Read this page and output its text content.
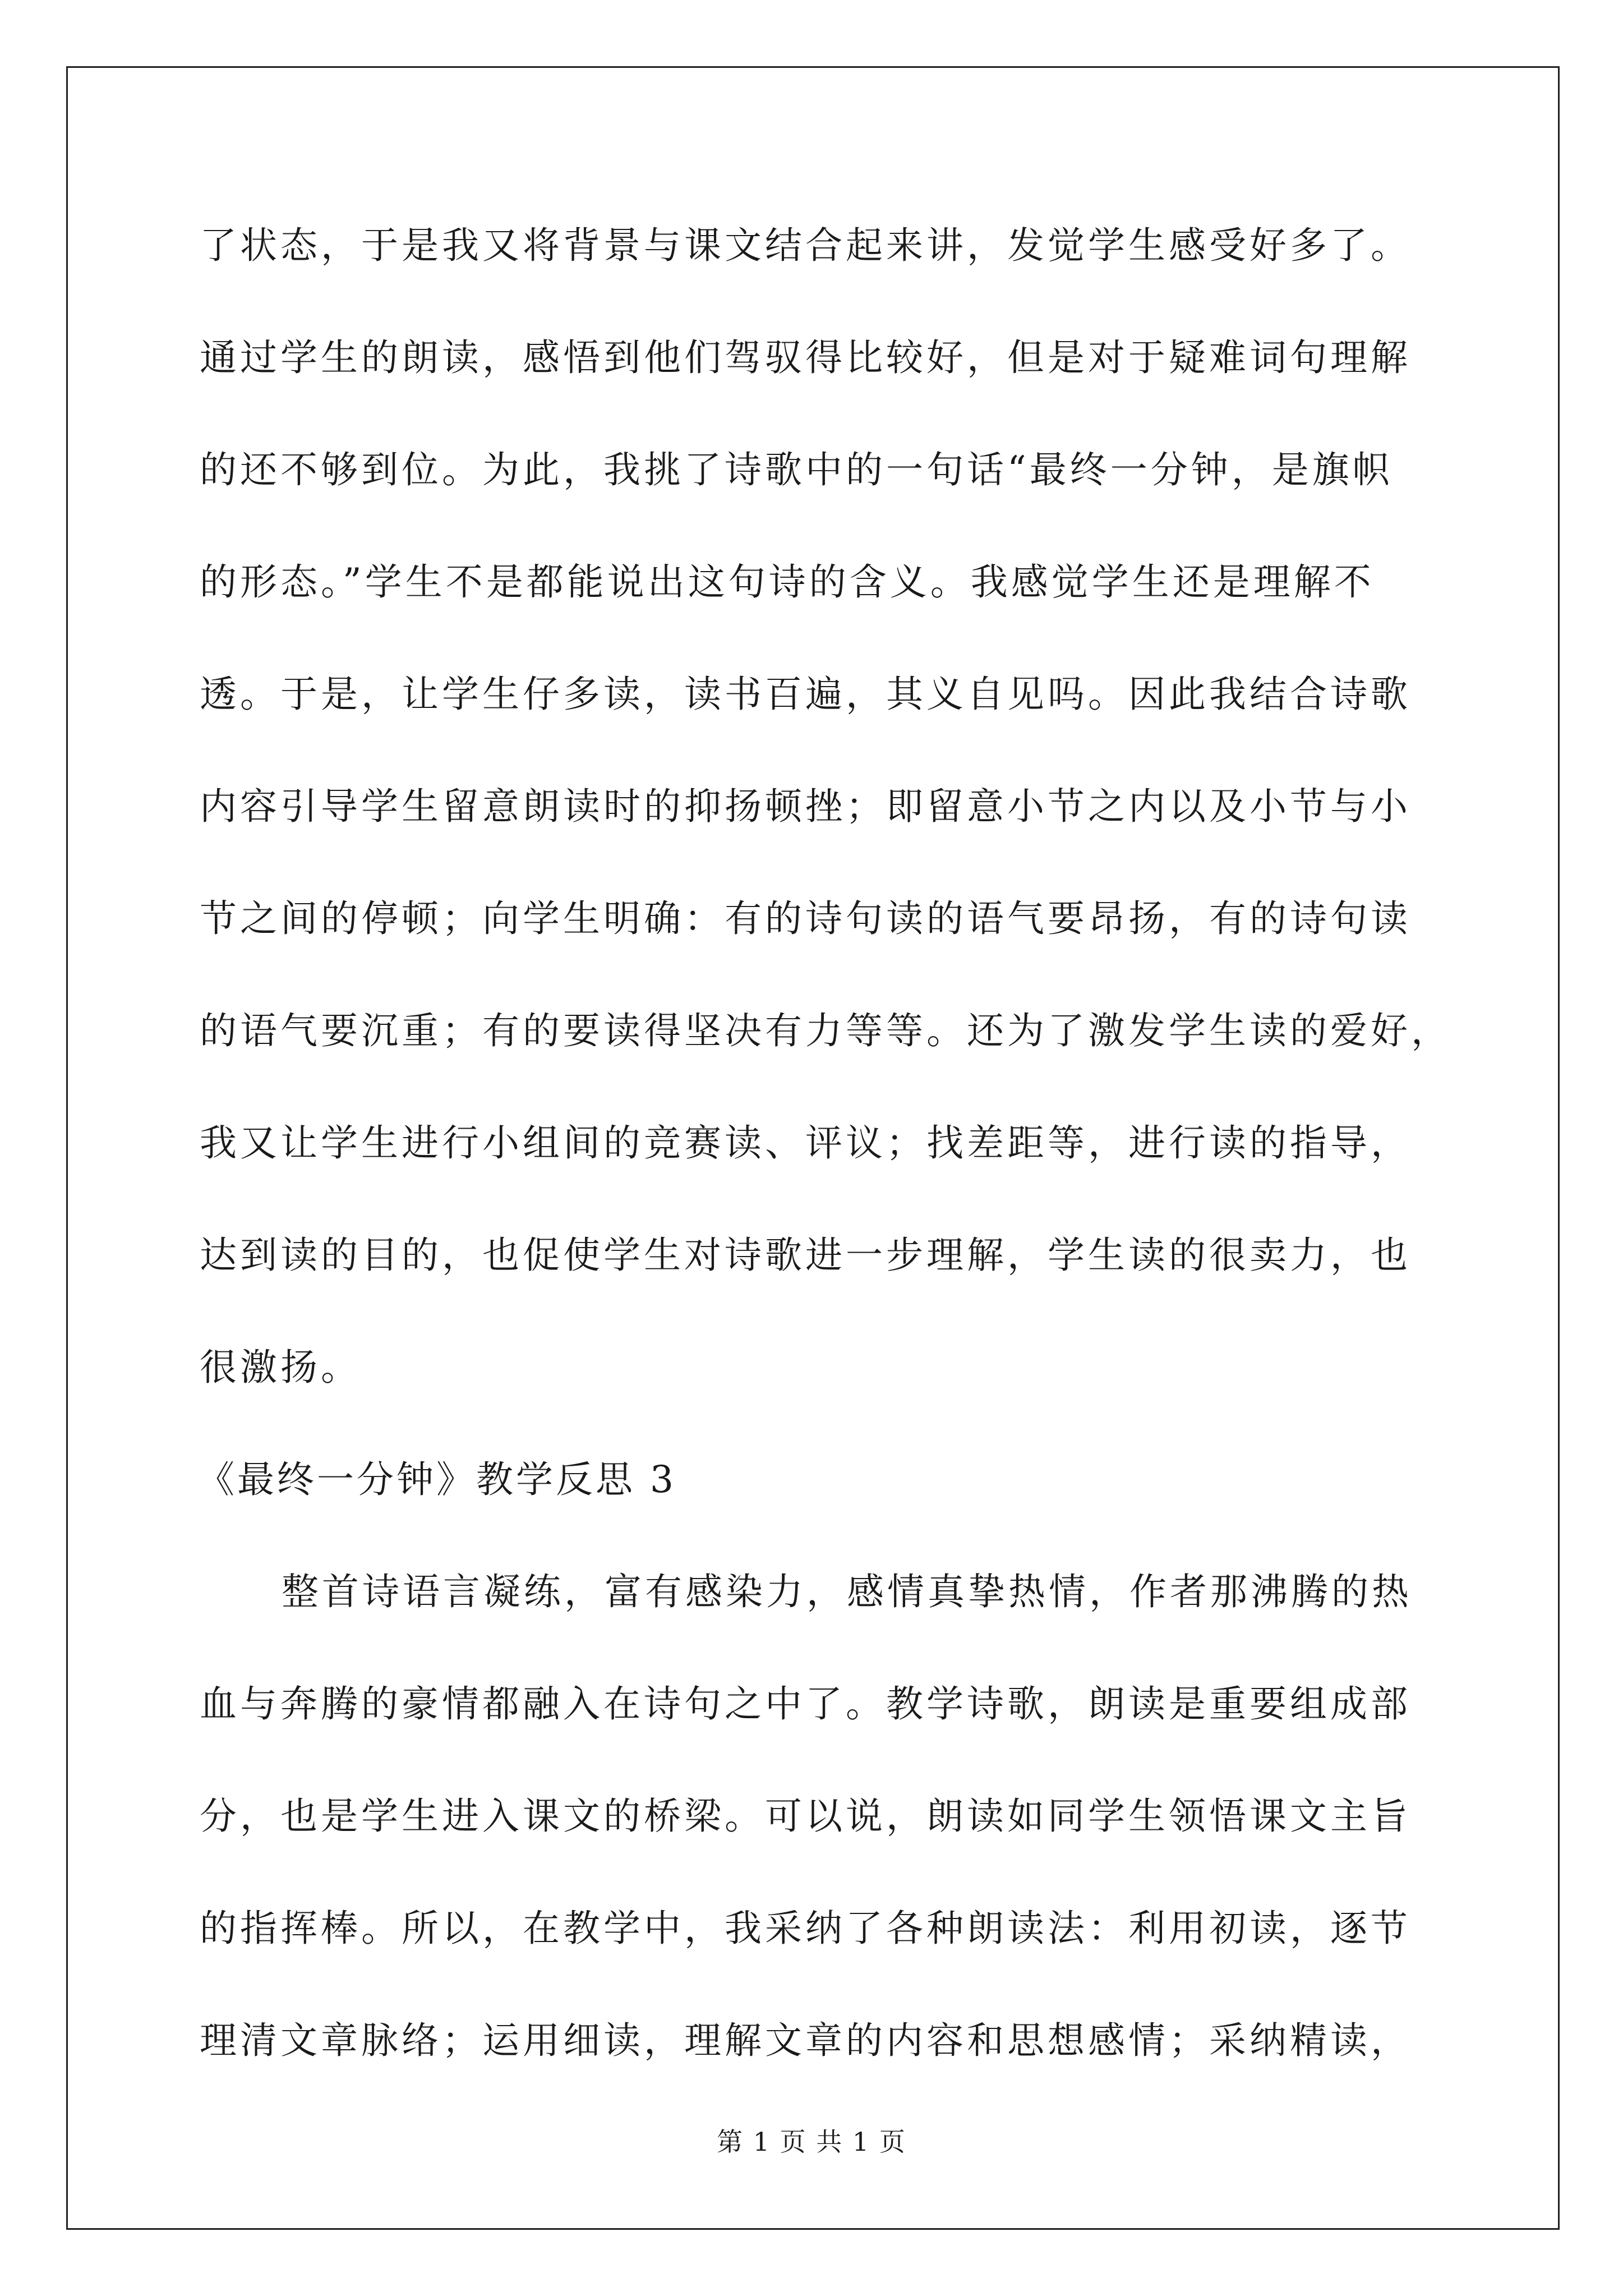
了状态，于是我又将背景与课文结合起来讲，发觉学生感受好多了。
通过学生的朗读，感悟到他们驾驭得比较好，但是对于疑难词句理解
的还不够到位。为此，我挑了诗歌中的一句话“最终一分钟，是旗帜
的形态。”学生不是都能说出这句诗的含义。我感觉学生还是理解不
透。于是，让学生仔多读，读书百遍，其义自见吗。因此我结合诗歌
内容引导学生留意朗读时的抑扬顿挫；即留意小节之内以及小节与小
节之间的停顿；向学生明确：有的诗句读的语气要昂扬，有的诗句读
的语气要沉重；有的要读得坚决有力等等。还为了激发学生读的爱好，
我又让学生进行小组间的竞赛读、评议；找差距等，进行读的指导，
达到读的目的，也促使学生对诗歌进一步理解，学生读的很卖力，也
很激扬。
《最终一分钟》教学反思 3
整首诗语言凝练，富有感染力，感情真挚热情，作者那沸腾的热
血与奔腾的豪情都融入在诗句之中了。教学诗歌，朗读是重要组成部
分，也是学生进入课文的桥梁。可以说，朗读如同学生领悟课文主旨
的指挥棒。所以，在教学中，我采纳了各种朗读法：利用初读，逐节
理清文章脉络；运用细读，理解文章的内容和思想感情；采纳精读，
第 1 页 共 1 页
